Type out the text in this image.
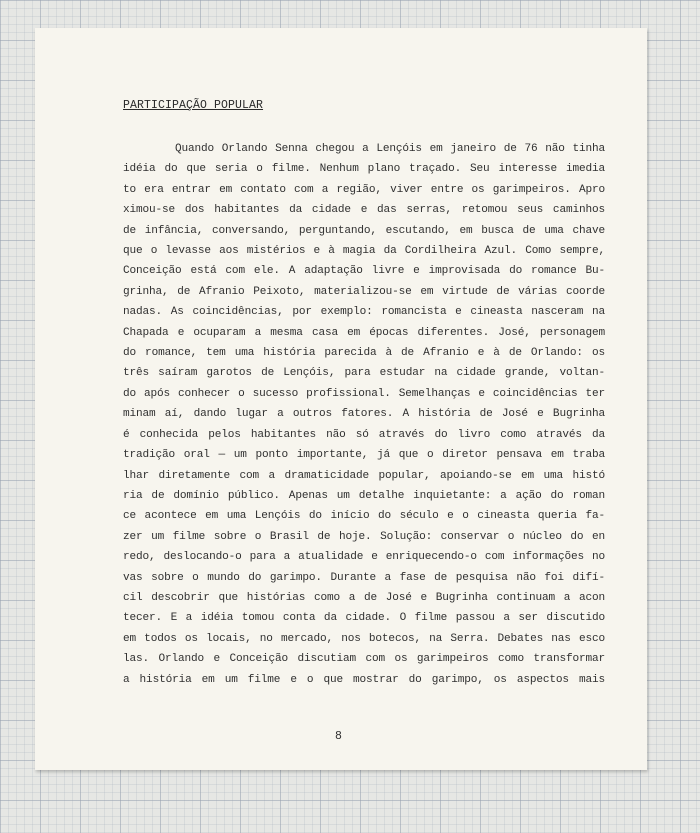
PARTICIPAÇÃO POPULAR
Quando Orlando Senna chegou a Lençóis em janeiro de 76 não tinha
idéia do que seria o filme. Nenhum plano traçado. Seu interesse imedia
to era entrar em contato com a região, viver entre os garimpeiros. Apro
ximou-se dos habitantes da cidade e das serras, retomou seus caminhos
de infância, conversando, perguntando, escutando, em busca de uma chave
que o levasse aos mistérios e à magia da Cordilheira Azul. Como sempre,
Conceição está com ele. A adaptação livre e improvisada do romance Bu-
grinha, de Afranio Peixoto, materializou-se em virtude de várias coorde
nadas. As coincidências, por exemplo: romancista e cineasta nasceram na
Chapada e ocuparam a mesma casa em épocas diferentes. José, personagem
do romance, tem uma história parecida à de Afranio e à de Orlando: os
três saíram garotos de Lençóis, para estudar na cidade grande, voltan-
do após conhecer o sucesso profissional. Semelhanças e coincidências ter
minam aí, dando lugar a outros fatores. A história de José e Bugrinha
é conhecida pelos habitantes não só através do livro como através da
tradição oral — um ponto importante, já que o diretor pensava em traba
lhar diretamente com a dramaticidade popular, apoiando-se em uma histó
ria de domínio público. Apenas um detalhe inquietante: a ação do roman
ce acontece em uma Lençóis do início do século e o cineasta queria fa-
zer um filme sobre o Brasil de hoje. Solução: conservar o núcleo do en
redo, deslocando-o para a atualidade e enriquecendo-o com informações no
vas sobre o mundo do garimpo. Durante a fase de pesquisa não foi difí-
cil descobrir que histórias como a de José e Bugrinha continuam a acon
tecer. E a idéia tomou conta da cidade. O filme passou a ser discutido
em todos os locais, no mercado, nos botecos, na Serra. Debates nas esco
las. Orlando e Conceição discutiam com os garimpeiros como transformar
a história em um filme e o que mostrar do garimpo, os aspectos mais
8
